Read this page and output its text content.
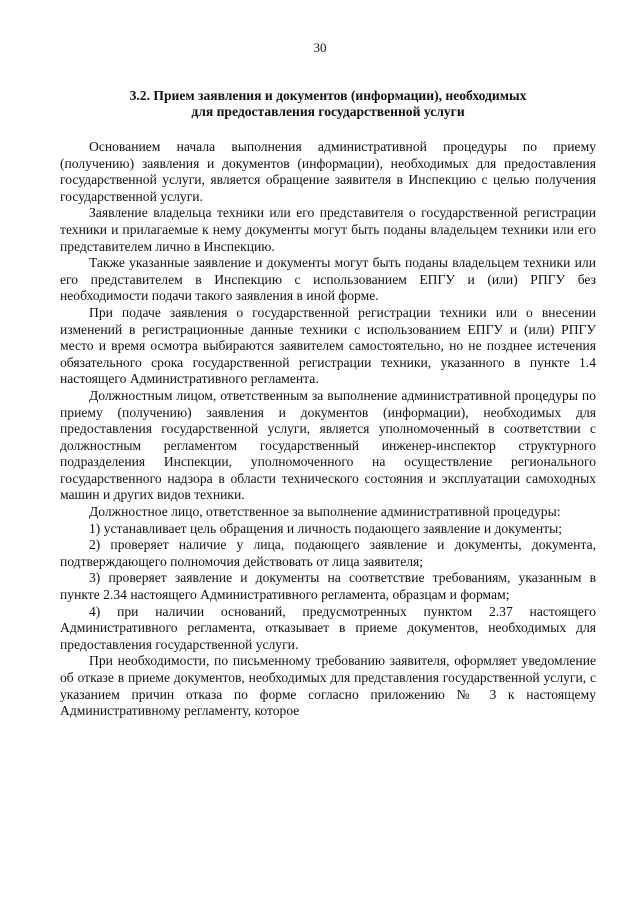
30
3.2. Прием заявления и документов (информации), необходимых
для предоставления государственной услуги

Основанием начала выполнения административной процедуры по приему (получению) заявления и документов (информации), необходимых для предоставления государственной услуги, является обращение заявителя в Инспекцию с целью получения государственной услуги.

Заявление владельца техники или его представителя о государственной регистрации техники и прилагаемые к нему документы могут быть поданы владельцем техники или его представителем лично в Инспекцию.

Также указанные заявление и документы могут быть поданы владельцем техники или его представителем в Инспекцию с использованием ЕПГУ и (или) РПГУ без необходимости подачи такого заявления в иной форме.

При подаче заявления о государственной регистрации техники или о внесении изменений в регистрационные данные техники с использованием ЕПГУ и (или) РПГУ место и время осмотра выбираются заявителем самостоятельно, но не позднее истечения обязательного срока государственной регистрации техники, указанного в пункте 1.4 настоящего Административного регламента.

Должностным лицом, ответственным за выполнение административной процедуры по приему (получению) заявления и документов (информации), необходимых для предоставления государственной услуги, является уполномоченный в соответствии с должностным регламентом государственный инженер-инспектор структурного подразделения Инспекции, уполномоченного на осуществление регионального государственного надзора в области технического состояния и эксплуатации самоходных машин и других видов техники.

Должностное лицо, ответственное за выполнение административной процедуры:

1) устанавливает цель обращения и личность подающего заявление и документы;

2) проверяет наличие у лица, подающего заявление и документы, документа, подтверждающего полномочия действовать от лица заявителя;

3) проверяет заявление и документы на соответствие требованиям, указанным в пункте 2.34 настоящего Административного регламента, образцам и формам;

4) при наличии оснований, предусмотренных пунктом 2.37 настоящего Административного регламента, отказывает в приеме документов, необходимых для предоставления государственной услуги.

При необходимости, по письменному требованию заявителя, оформляет уведомление об отказе в приеме документов, необходимых для представления государственной услуги, с указанием причин отказа по форме согласно приложению № 3 к настоящему Административному регламенту, которое
